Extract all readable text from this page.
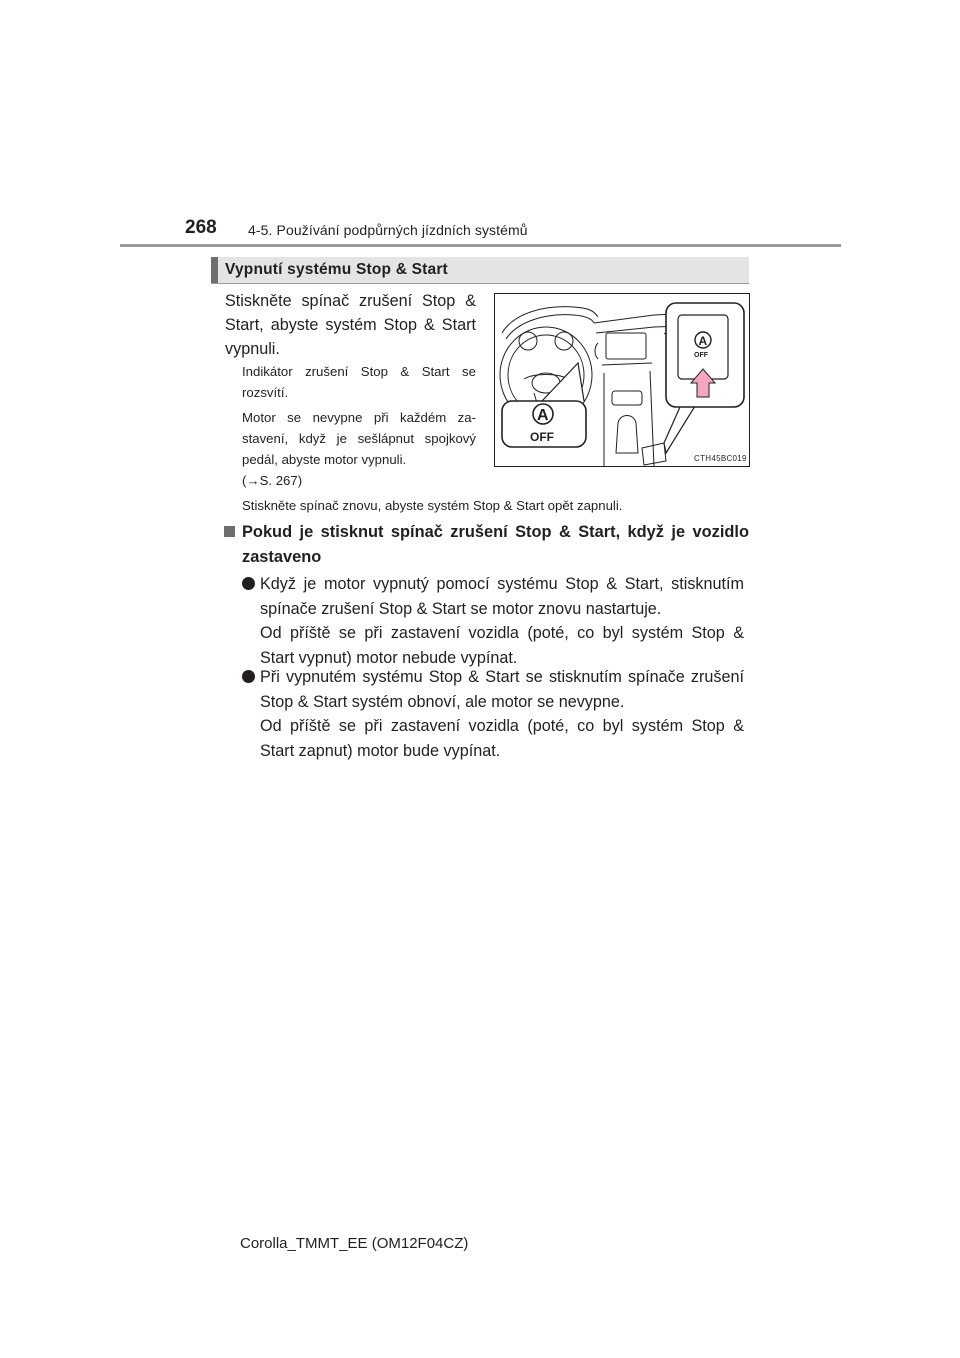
268 4-5. Používání podpůrných jízdních systémů
Vypnutí systému Stop & Start
Stiskněte spínač zrušení Stop &
Start, abyste systém Stop & Start
vypnuli.
Indikátor zrušení Stop & Start se
rozsvítí.
Motor se nevypne při každém za-
stavení, když je sešlápnut spojkový
pedál, abyste motor vypnuli.
(→S. 267)
Stiskněte spínač znovu, abyste systém Stop & Start opět zapnuli.
A
OFF
A
OFF
CTH45BC019
Pokud je stisknut spínač zrušení Stop & Start, když je vozidlo
zastaveno
Když je motor vypnutý pomocí systému Stop & Start, stisknutím
spínače zrušení Stop & Start se motor znovu nastartuje.
Od příště se při zastavení vozidla (poté, co byl systém Stop &
Start vypnut) motor nebude vypínat.
Při vypnutém systému Stop & Start se stisknutím spínače zrušení
Stop & Start systém obnoví, ale motor se nevypne.
Od příště se při zastavení vozidla (poté, co byl systém Stop &
Start zapnut) motor bude vypínat.
Corolla_TMMT_EE (OM12F04CZ)
